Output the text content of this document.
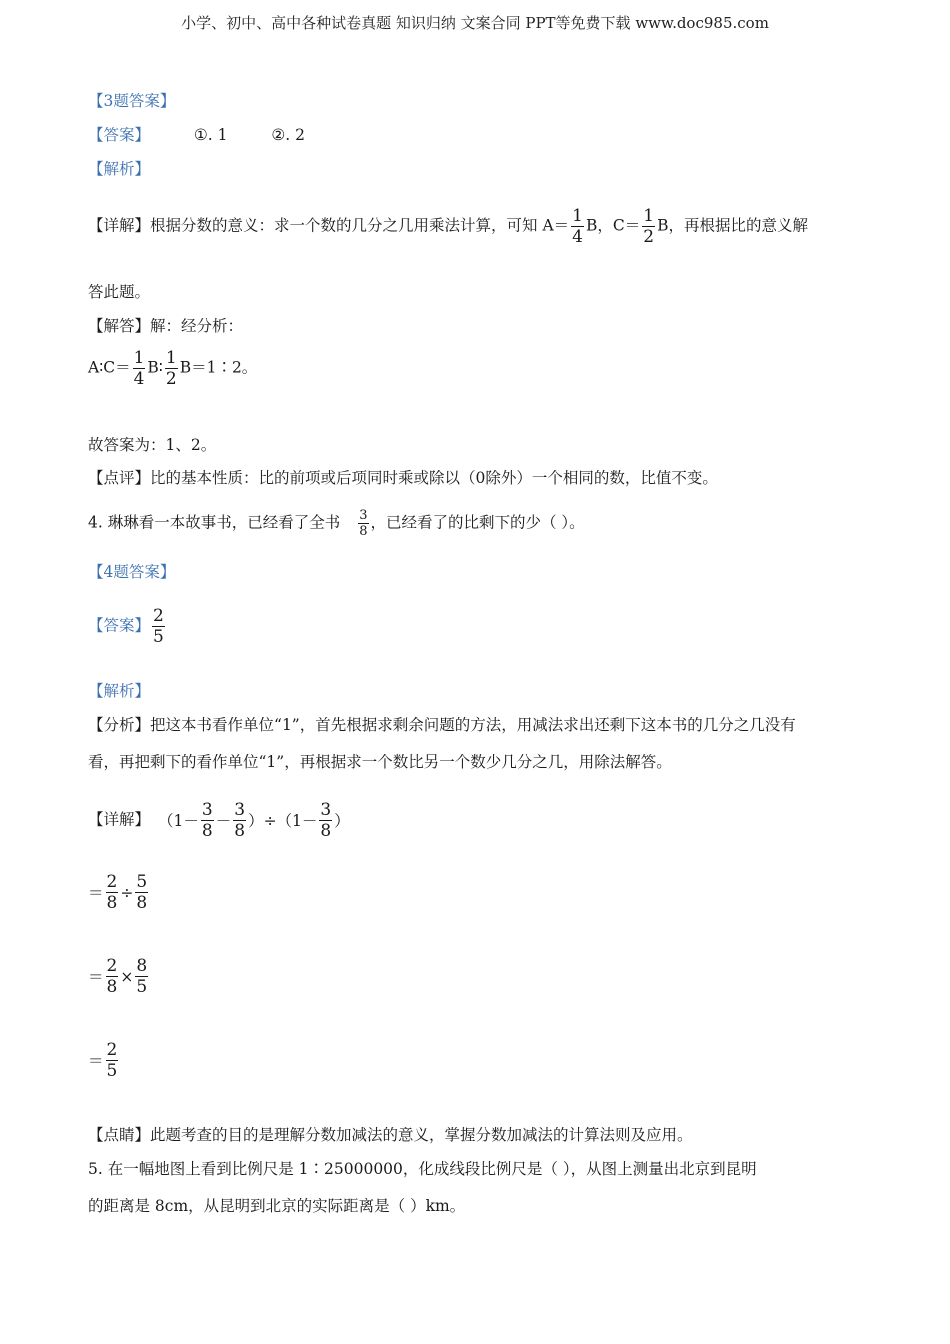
小学、初中、高中各种试卷真题 知识归纳 文案合同 PPT等免费下载 www.doc985.com
【3题答案】
【答案】	①. 1	②. 2
【解析】
【详解】根据分数的意义：求一个数的几分之几用乘法计算，可知 $A= \frac{1}{4}$ B，$C= \frac{1}{2}$ B，再根据比的意义解
答此题。
【解答】解：经分析：
A∶C＝ $\frac{1}{4}$ B∶ $\frac{1}{2}$ B＝1∶2。
故答案为：1、2。
【点评】比的基本性质：比的前项或后项同时乘或除以（0除外）一个相同的数，比值不变。
4. 琳琳看一本故事书，已经看了全书 $\frac{3}{8}$ ，已经看了的比剩下的少（ ）。
【4题答案】
【答案】 $\frac{2}{5}$
【解析】
【分析】把这本书看作单位“1”，首先根据求剩余问题的方法，用减法求出还剩下这本书的几分之几没有
看，再把剩下的看作单位“1”，再根据求一个数比另一个数少几分之几，用除法解答。
【详解】 $(1- \frac{3}{8} - \frac{3}{8} )\div(1- \frac{3}{8}$ ）
＝ $\frac{2}{8} \div \frac{5}{8}$
＝ $\frac{2}{8} \times \frac{8}{5}$
＝ $\frac{2}{5}$
【点睛】此题考查的目的是理解分数加减法的意义，掌握分数加减法的计算法则及应用。
5. 在一幅地图上看到比例尺是 1∶25000000，化成线段比例尺是（ ），从图上测量出北京到昆明
的距离是 8cm，从昆明到北京的实际距离是（ ）km。
